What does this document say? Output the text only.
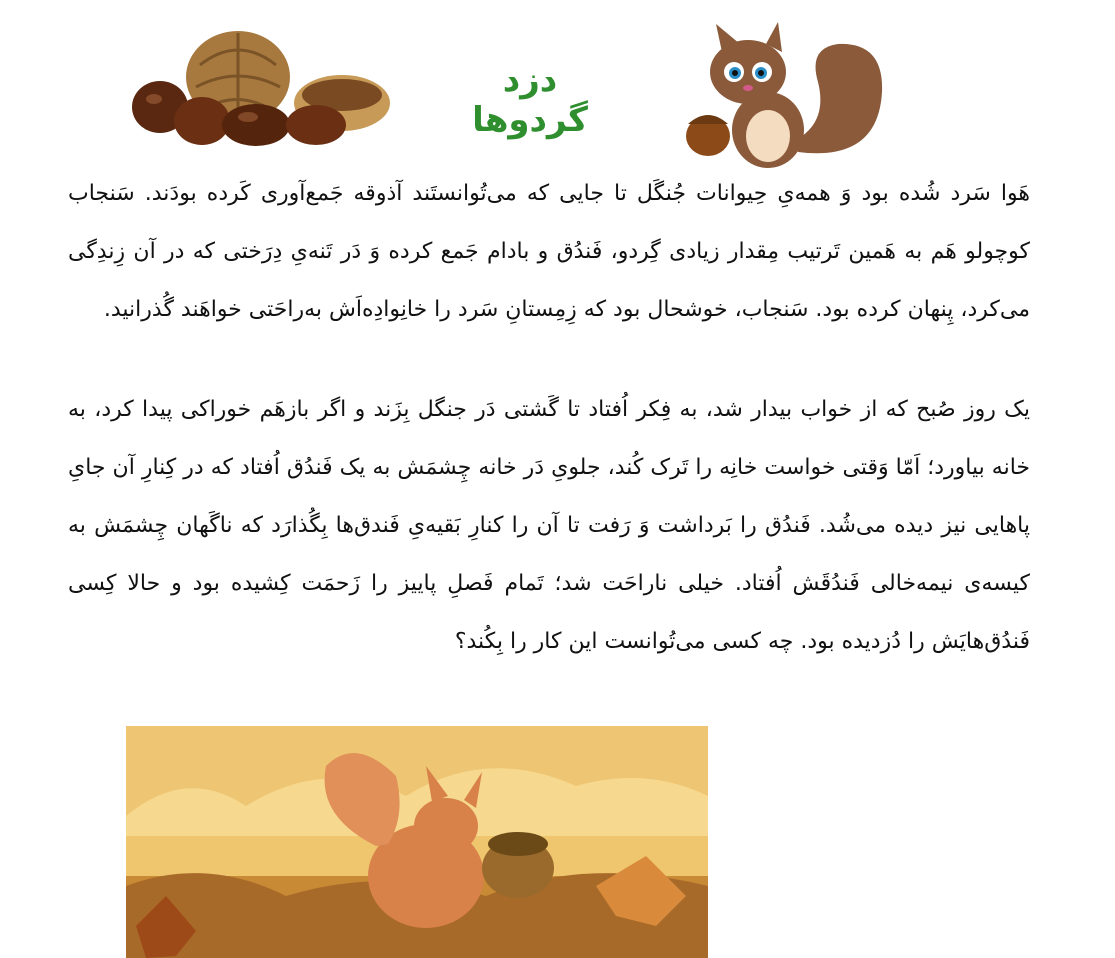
دزد گردوها

هَوا سَرد شُده بود وَ همه‌یِ حِیوانات جُنگَل تا جایی که می‌تُوانستَند آذوقه جَمع‌آوری کَرده بودَند. سَنجاب کوچولو هَم به هَمین تَرتیب مِقدار زیادی گِردو، فَندُق و بادام جَمع کرده وَ دَر تَنه‌یِ دِرَختی که در آن زِندِگی می‌کرد، پِنهان کرده بود. سَنجاب، خوشحال بود که زِمِستانِ سَرد را خانِوادِه‌اَش به‌راحَتی خواهَند گُذرانید.

یک روز صُبح که از خواب بیدار شد، به فِکر اُفتاد تا گَشتی دَر جنگل بِزَند و اگر بازهَم خوراکی پیدا کرد، به خانه بیاورد؛ اَمّا وَقتی خواست خانِه را تَرک کُند، جلویِ دَر خانه چِشمَش به یک فَندُق اُفتاد که در کِنارِ آن جایِ پاهایی نیز دیده می‌شُد. فَندُق را بَرداشت وَ رَفت تا آن را کنارِ بَقیه‌یِ فَندق‌ها بِگُذارَد که ناگَهان چِشمَش به کیسه‌ی نیمه‌خالی فَندُقَش اُفتاد. خیلی ناراحَت شد؛ تَمام فَصلِ پاییز را زَحمَت کِشیده بود و حالا کِسی فَندُق‌هایَش را دُزدیده بود. چه کسی می‌تُوانست این کار را بِکُند؟
